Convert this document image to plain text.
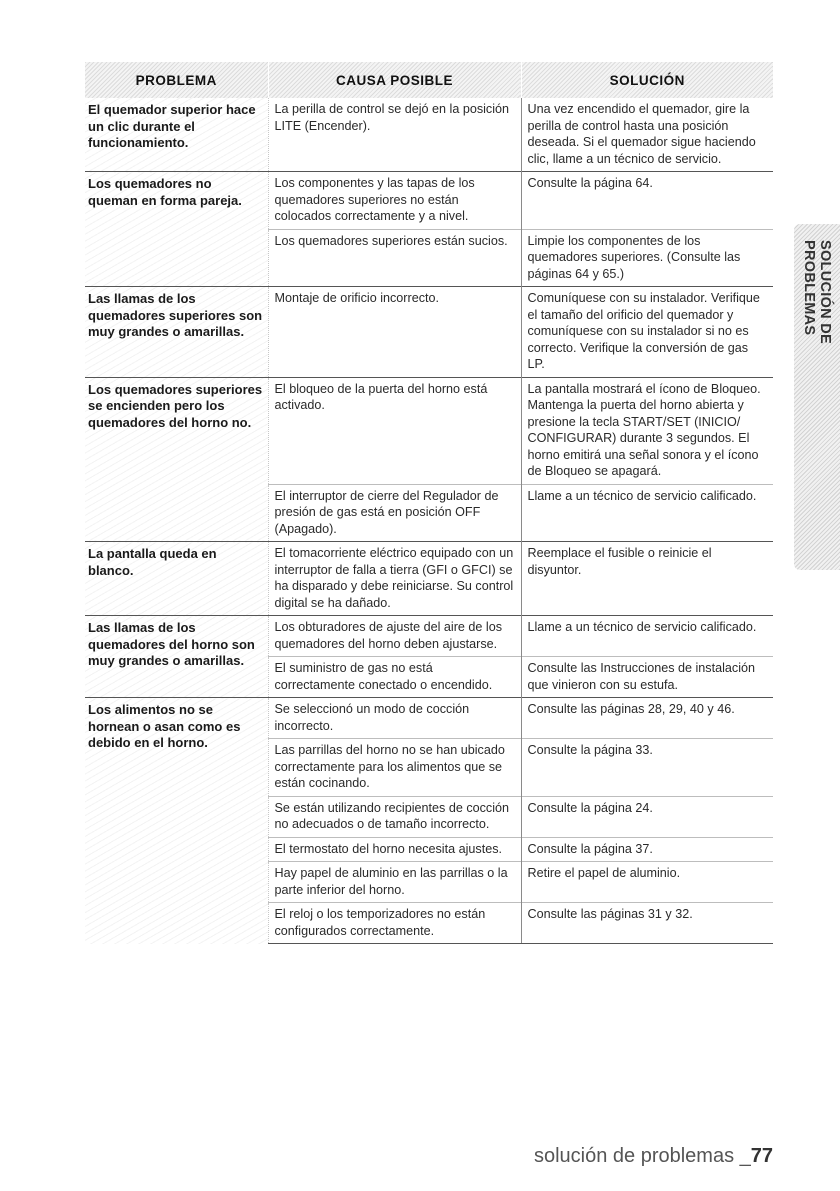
PROBLEMA	CAUSA POSIBLE	SOLUCIÓN
El quemador superior hace un clic durante el funcionamiento.	La perilla de control se dejó en la posición LITE (Encender).	Una vez encendido el quemador, gire la perilla de control hasta una posición deseada. Si el quemador sigue haciendo clic, llame a un técnico de servicio.
Los quemadores no queman en forma pareja.	Los componentes y las tapas de los quemadores superiores no están colocados correctamente y a nivel.	Consulte la página 64.
	Los quemadores superiores están sucios.	Limpie los componentes de los quemadores superiores. (Consulte las páginas 64 y 65.)
Las llamas de los quemadores superiores son muy grandes o amarillas.	Montaje de orificio incorrecto.	Comuníquese con su instalador. Verifique el tamaño del orificio del quemador y comuníquese con su instalador si no es correcto. Verifique la conversión de gas LP.
Los quemadores superiores se encienden pero los quemadores del horno no.	El bloqueo de la puerta del horno está activado.	La pantalla mostrará el ícono de Bloqueo. Mantenga la puerta del horno abierta y presione la tecla START/SET (INICIO/ CONFIGURAR) durante 3 segundos. El horno emitirá una señal sonora y el ícono de Bloqueo se apagará.
	El interruptor de cierre del Regulador de presión de gas está en posición OFF (Apagado).	Llame a un técnico de servicio calificado.
La pantalla queda en blanco.	El tomacorriente eléctrico equipado con un interruptor de falla a tierra (GFI o GFCI) se ha disparado y debe reiniciarse. Su control digital se ha dañado.	Reemplace el fusible o reinicie el disyuntor.
Las llamas de los quemadores del horno son muy grandes o amarillas.	Los obturadores de ajuste del aire de los quemadores del horno deben ajustarse.	Llame a un técnico de servicio calificado.
	El suministro de gas no está correctamente conectado o encendido.	Consulte las Instrucciones de instalación que vinieron con su estufa.
Los alimentos no se hornean o asan como es debido en el horno.	Se seleccionó un modo de cocción incorrecto.	Consulte las páginas 28, 29, 40 y 46.
	Las parrillas del horno no se han ubicado correctamente para los alimentos que se están cocinando.	Consulte la página 33.
	Se están utilizando recipientes de cocción no adecuados o de tamaño incorrecto.	Consulte la página 24.
	El termostato del horno necesita ajustes.	Consulte la página 37.
	Hay papel de aluminio en las parrillas o la parte inferior del horno.	Retire el papel de aluminio.
	El reloj o los temporizadores no están configurados correctamente.	Consulte las páginas 31 y 32.
SOLUCIÓN DE PROBLEMAS
solución de problemas _77
